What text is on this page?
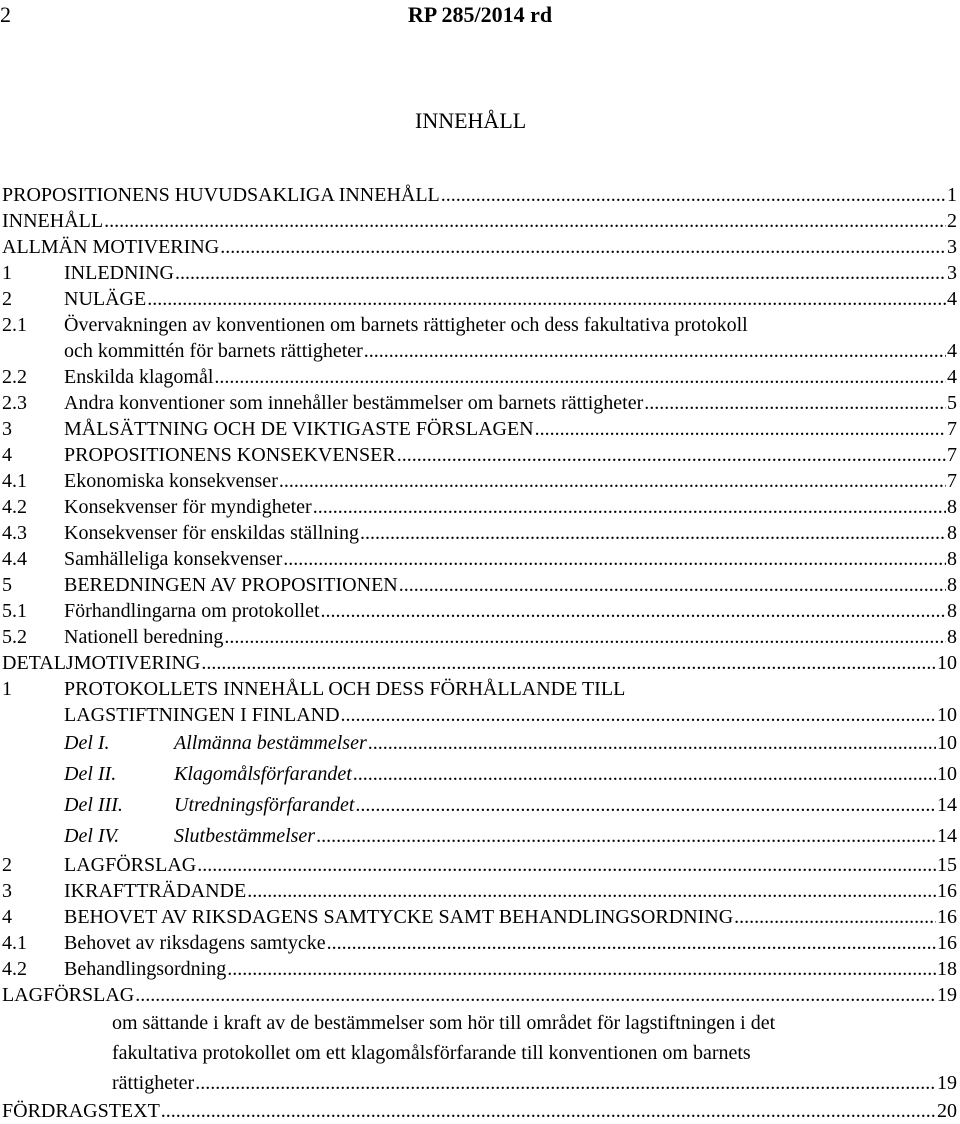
2	RP 285/2014 rd
INNEHÅLL
PROPOSITIONENS HUVUDSAKLIGA INNEHÅLL .....	1
INNEHÅLL .....	2
ALLMÄN MOTIVERING .....	3
1	INLEDNING .....	3
2	NULÄGE .....	4
2.1	Övervakningen av konventionen om barnets rättigheter och dess fakultativa protokoll
och kommittén för barnets rättigheter .....	4
2.2	Enskilda klagomål .....	4
2.3	Andra konventioner som innehåller bestämmelser om barnets rättigheter .....	5
3	MÅLSÄTTNING OCH DE VIKTIGASTE FÖRSLAGEN .....	7
4	PROPOSITIONENS KONSEKVENSER .....	7
4.1	Ekonomiska konsekvenser .....	7
4.2	Konsekvenser för myndigheter .....	8
4.3	Konsekvenser för enskildas ställning .....	8
4.4	Samhälleliga konsekvenser .....	8
5	BEREDNINGEN AV PROPOSITIONEN .....	8
5.1	Förhandlingarna om protokollet .....	8
5.2	Nationell beredning .....	8
DETALJMOTIVERING .....	10
1	PROTOKOLLETS INNEHÅLL OCH DESS FÖRHÅLLANDE TILL
LAGSTIFTNINGEN I FINLAND .....	10
Del I.	Allmänna bestämmelser .....	10
Del II.	Klagomålsförfarandet .....	10
Del III.	Utredningsförfarandet .....	14
Del IV.	Slutbestämmelser .....	14
2	LAGFÖRSLAG .....	15
3	IKRAFTTRÄDANDE .....	16
4	BEHOVET AV RIKSDAGENS SAMTYCKE SAMT BEHANDLINGSORDNING .....	16
4.1	Behovet av riksdagens samtycke .....	16
4.2	Behandlingsordning .....	18
LAGFÖRSLAG .....	19
om sättande i kraft av de bestämmelser som hör till området för lagstiftningen i det
fakultativa protokollet om ett klagomålsförfarande till konventionen om barnets
rättigheter .....	19
FÖRDRAGSTEXT .....	20
